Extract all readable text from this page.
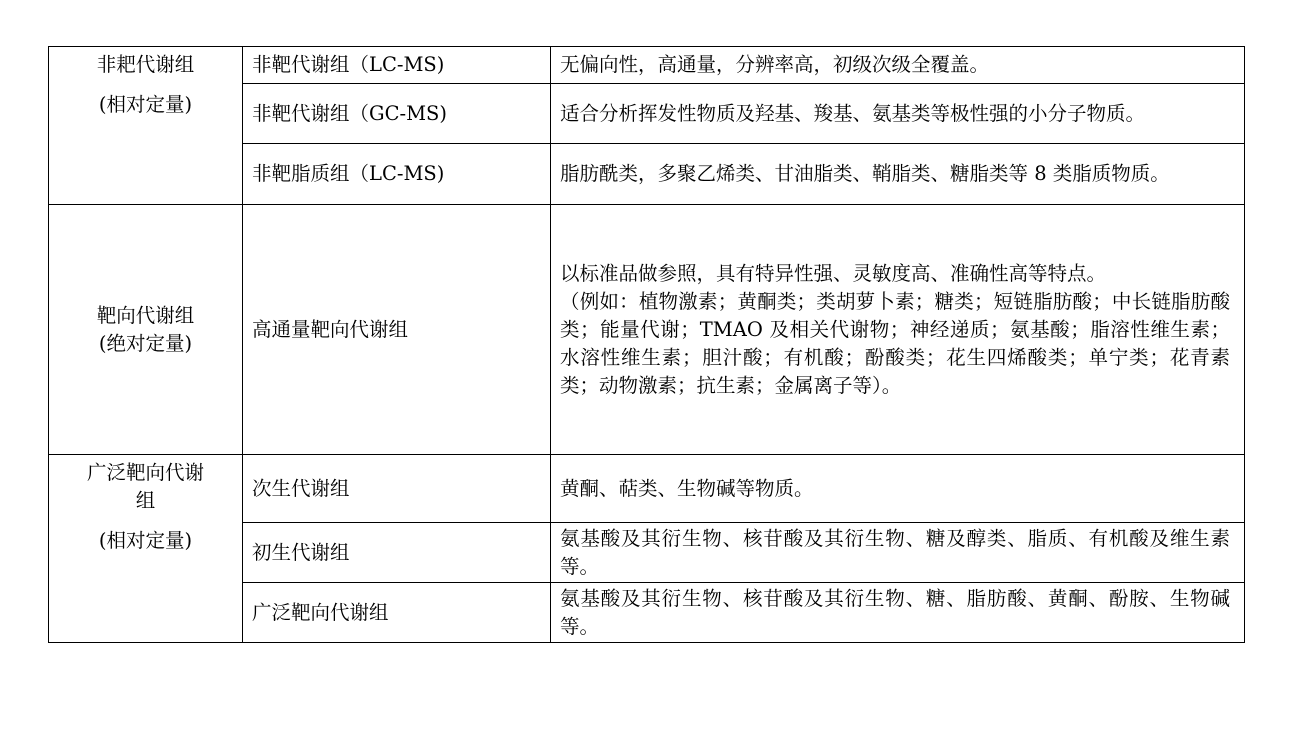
非耙代谢组
(相对定量)	非靶代谢组（LC-MS)	无偏向性，高通量，分辨率高，初级次级全覆盖。
	非靶代谢组（GC-MS)	适合分析挥发性物质及羟基、羧基、氨基类等极性强的小分子物质。
	非靶脂质组（LC-MS)	脂肪酰类，多聚乙烯类、甘油脂类、鞘脂类、糖脂类等 8 类脂质物质。

靶向代谢组
(绝对定量)	高通量靶向代谢组	以标准品做参照，具有特异性强、灵敏度高、准确性高等特点。
（例如：植物激素；黄酮类；类胡萝卜素；糖类；短链脂肪酸；中长链脂肪酸类；能量代谢；TMAO 及相关代谢物；神经递质；氨基酸；脂溶性维生素；水溶性维生素；胆汁酸；有机酸；酚酸类；花生四烯酸类；单宁类；花青素类；动物激素；抗生素；金属离子等）。

广泛靶向代谢
组
(相对定量)	次生代谢组	黄酮、萜类、生物碱等物质。
	初生代谢组	氨基酸及其衍生物、核苷酸及其衍生物、糖及醇类、脂质、有机酸及维生素等。
	广泛靶向代谢组	氨基酸及其衍生物、核苷酸及其衍生物、糖、脂肪酸、黄酮、酚胺、生物碱等。
